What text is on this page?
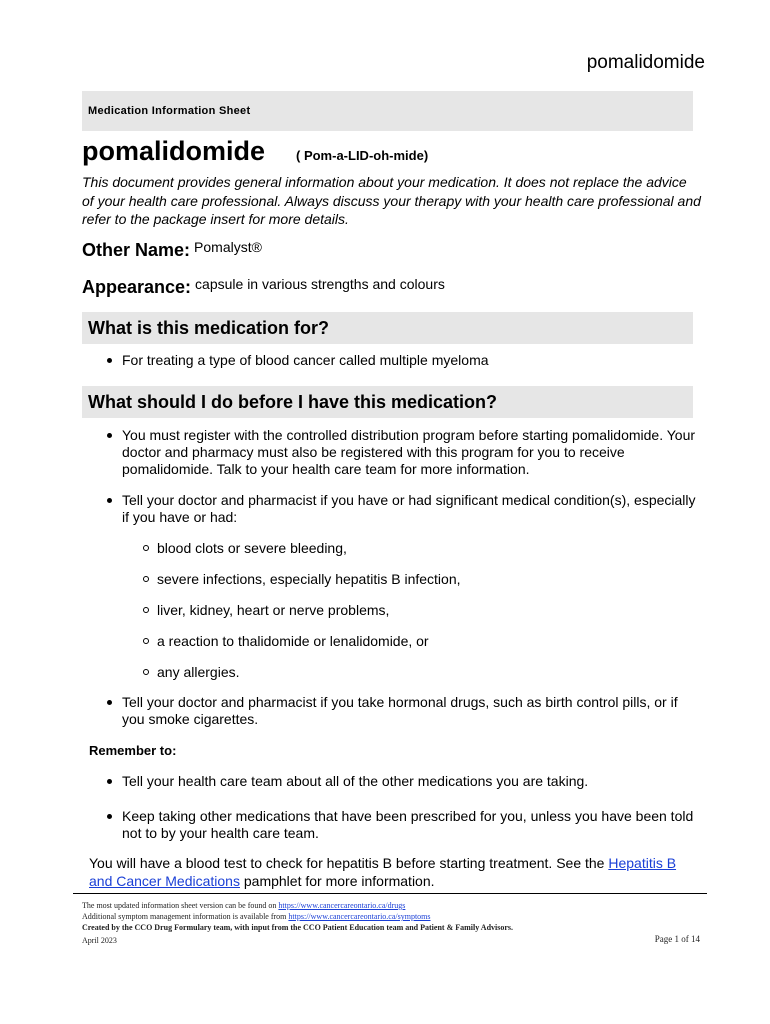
pomalidomide
Medication Information Sheet
pomalidomide ( Pom-a-LID-oh-mide)
This document provides general information about your medication. It does not replace the advice of your health care professional. Always discuss your therapy with your health care professional and refer to the package insert for more details.
Other Name: $^{Pomalyst®}$
Appearance: $^{capsule in various strengths and colours}$
What is this medication for?
For treating a type of blood cancer called multiple myeloma
What should I do before I have this medication?
You must register with the controlled distribution program before starting pomalidomide. Your doctor and pharmacy must also be registered with this program for you to receive pomalidomide. Talk to your health care team for more information.
Tell your doctor and pharmacist if you have or had significant medical condition(s), especially if you have or had:
blood clots or severe bleeding,
severe infections, especially hepatitis B infection,
liver, kidney, heart or nerve problems,
a reaction to thalidomide or lenalidomide, or
any allergies.
Tell your doctor and pharmacist if you take hormonal drugs, such as birth control pills, or if you smoke cigarettes.
Remember to:
Tell your health care team about all of the other medications you are taking.
Keep taking other medications that have been prescribed for you, unless you have been told not to by your health care team.
You will have a blood test to check for hepatitis B before starting treatment. See the Hepatitis B and Cancer Medications pamphlet for more information.
The most updated information sheet version can be found on https://www.cancercareontario.ca/drugs
Additional symptom management information is available from https://www.cancercareontario.ca/symptoms
Created by the CCO Drug Formulary team, with input from the CCO Patient Education team and Patient & Family Advisors.
April 2023	Page 1 of 14
